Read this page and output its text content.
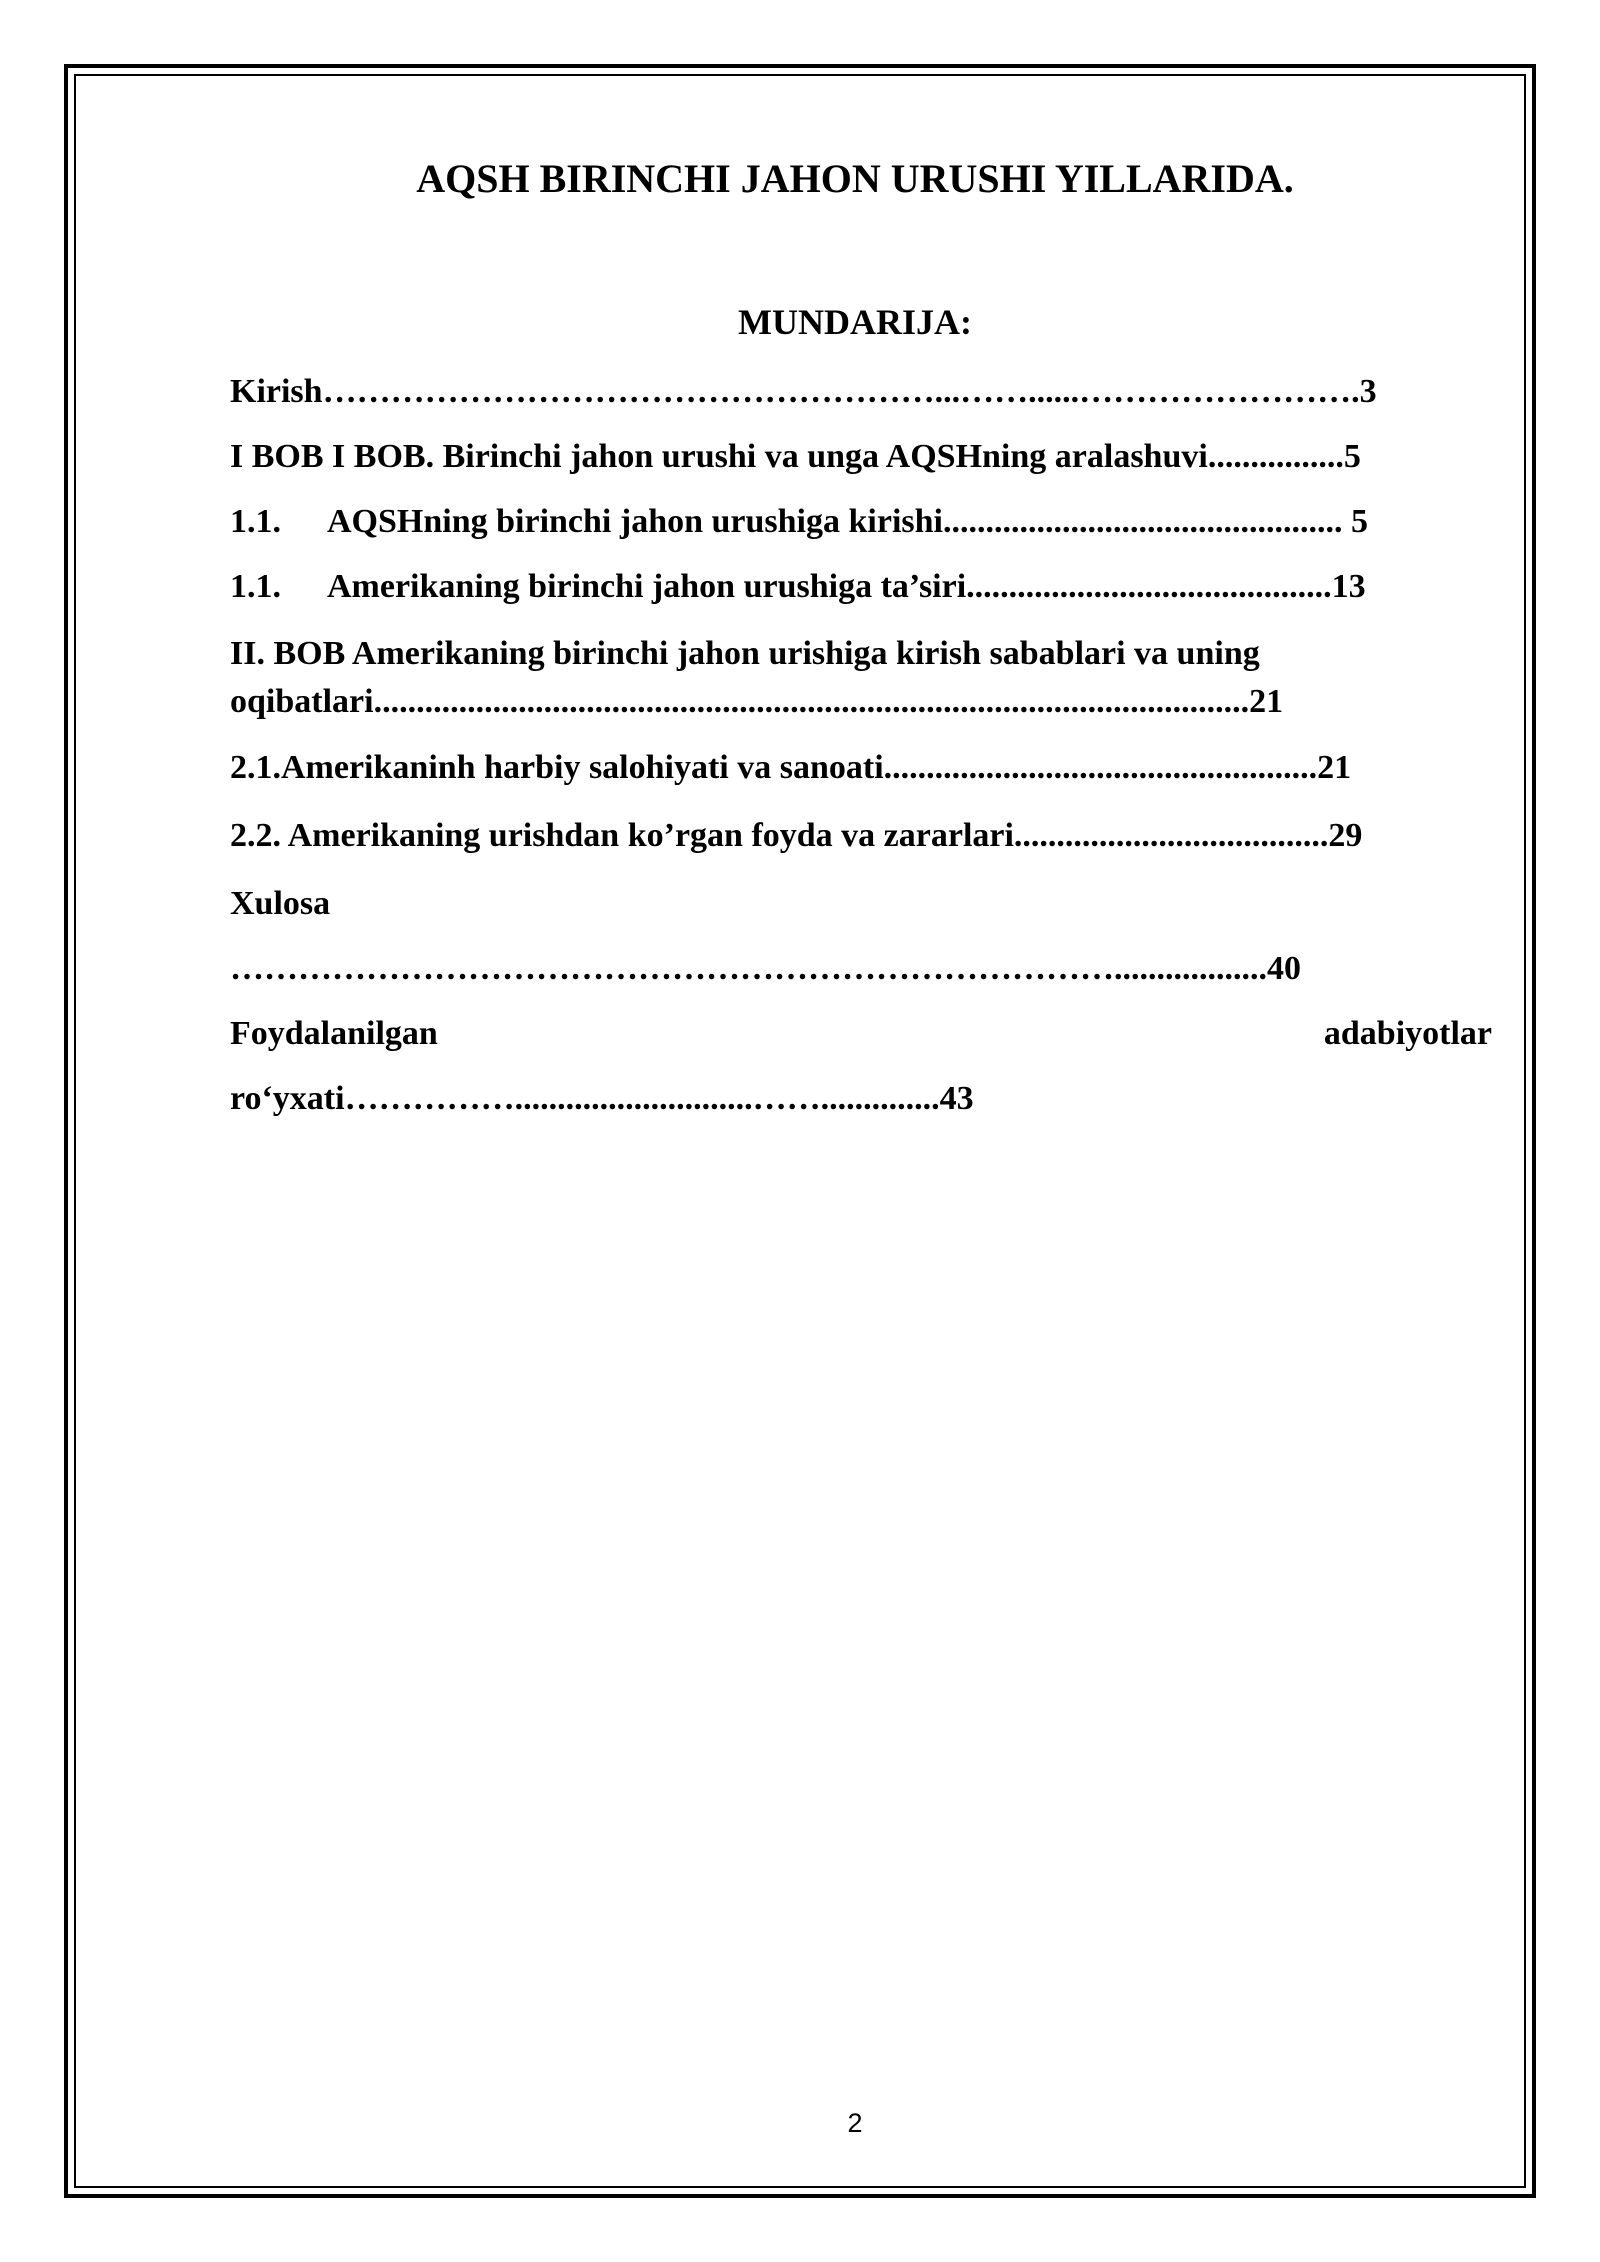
AQSH BIRINCHI JAHON URUSHI YILLARIDA.
MUNDARIJA:
Kirish………………………………………………...……......…………………….3
I BOB I BOB. Birinchi jahon urushi va unga AQSHning aralashuvi................5
1.1. AQSHning birinchi jahon urushiga kirishi............................................... 5
1.1. Amerikaning birinchi jahon urushiga ta’siri...........................................13
II. BOB Amerikaning birinchi jahon urishiga kirish sabablari va uning
oqibatlari.......................................................................................................21
2.1.Amerikaninh harbiy salohiyati va sanoati...................................................21
2.2. Amerikaning urishdan ko’rgan foyda va zararlari.....................................29
Xulosa
……………………………………………………………………..................40
Foydalanilgan	adabiyotlar
ro‘yxati……………............................……..............43
2
